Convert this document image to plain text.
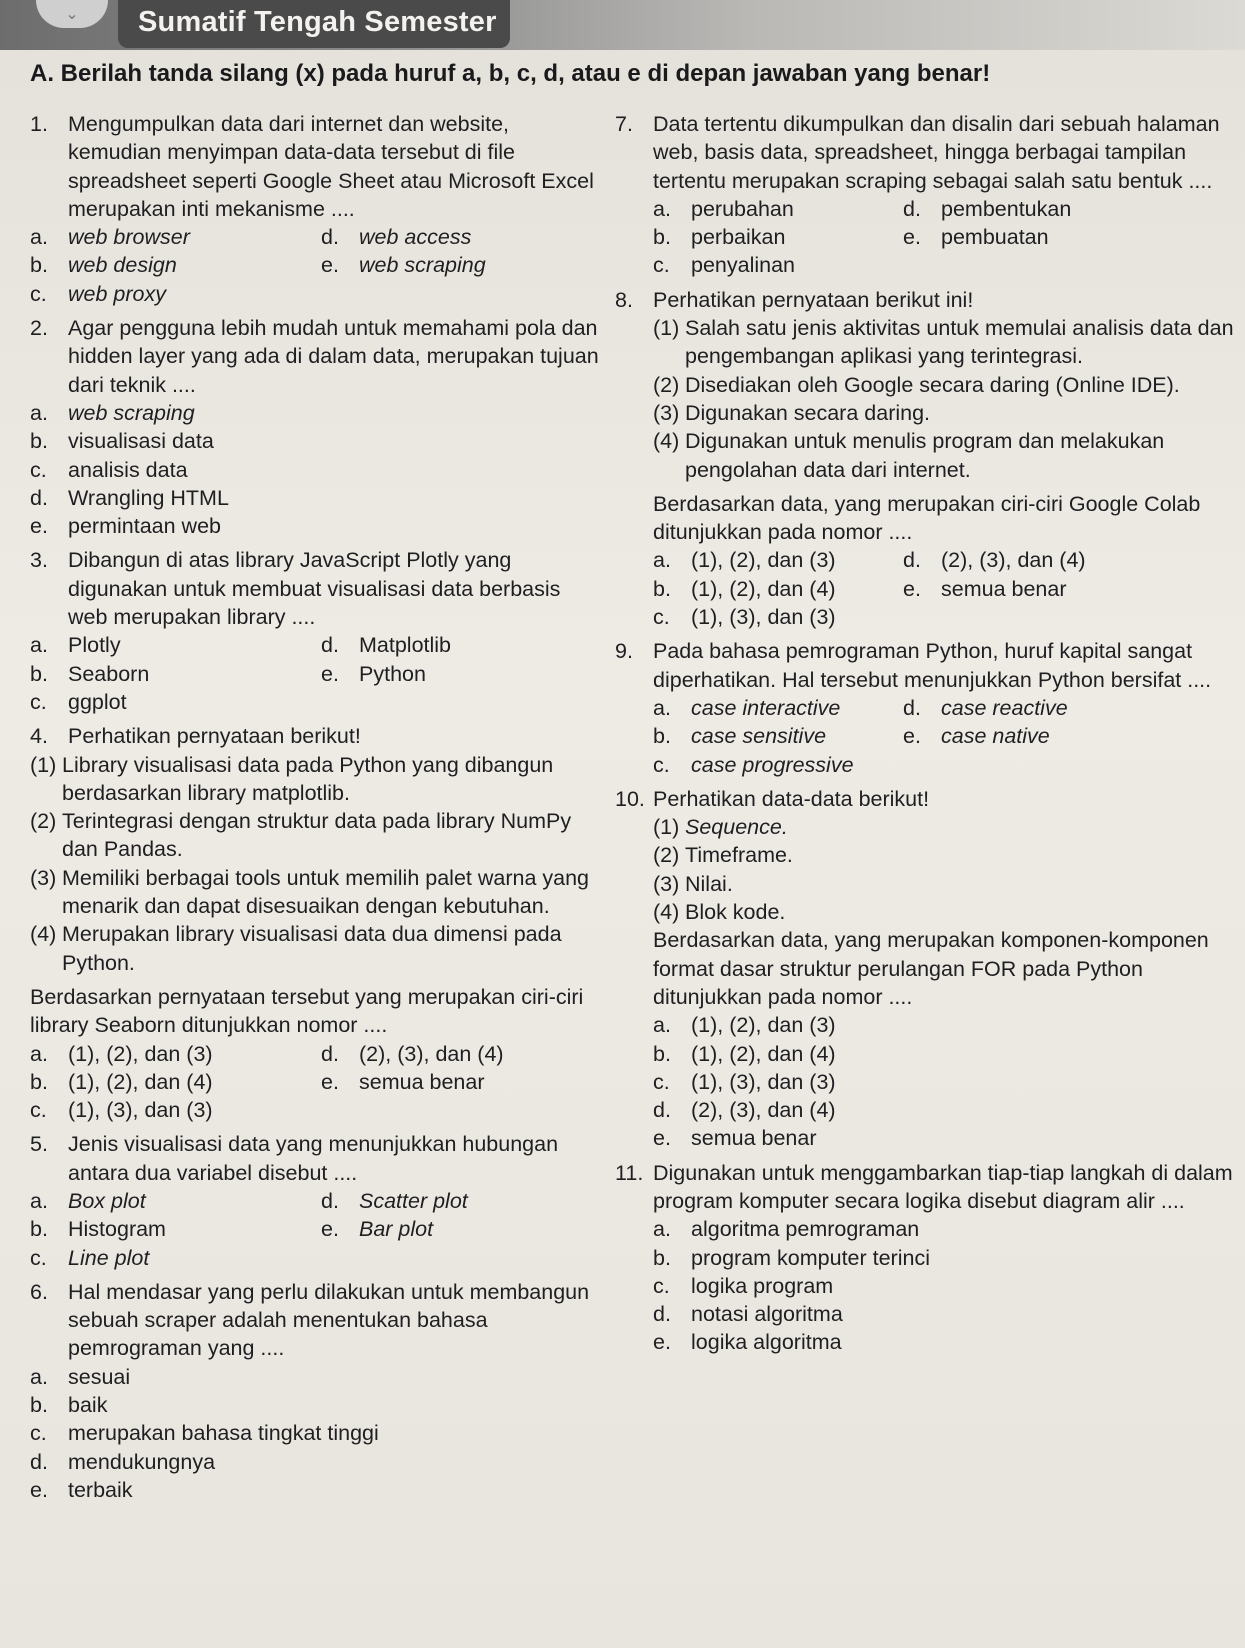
⌄	Sumatif Tengah Semester
A. Berilah tanda silang (x) pada huruf a, b, c, d, atau e di depan jawaban yang benar!
1. Mengumpulkan data dari internet dan website, kemudian menyimpan data-data tersebut di file spreadsheet seperti Google Sheet atau Microsoft Excel merupakan inti mekanisme ....
a. web browser	d. web access
b. web design	e. web scraping
c. web proxy
2. Agar pengguna lebih mudah untuk memahami pola dan hidden layer yang ada di dalam data, merupakan tujuan dari teknik ....
a. web scraping
b. visualisasi data
c. analisis data
d. Wrangling HTML
e. permintaan web
3. Dibangun di atas library JavaScript Plotly yang digunakan untuk membuat visualisasi data berbasis web merupakan library ....
a. Plotly	d. Matplotlib
b. Seaborn	e. Python
c. ggplot
4. Perhatikan pernyataan berikut!
(1) Library visualisasi data pada Python yang dibangun berdasarkan library matplotlib.
(2) Terintegrasi dengan struktur data pada library NumPy dan Pandas.
(3) Memiliki berbagai tools untuk memilih palet warna yang menarik dan dapat disesuaikan dengan kebutuhan.
(4) Merupakan library visualisasi data dua dimensi pada Python.
Berdasarkan pernyataan tersebut yang merupakan ciri-ciri library Seaborn ditunjukkan nomor ....
a. (1), (2), dan (3)	d. (2), (3), dan (4)
b. (1), (2), dan (4)	e. semua benar
c. (1), (3), dan (3)
5. Jenis visualisasi data yang menunjukkan hubungan antara dua variabel disebut ....
a. Box plot	d. Scatter plot
b. Histogram	e. Bar plot
c. Line plot
6. Hal mendasar yang perlu dilakukan untuk membangun sebuah scraper adalah menentukan bahasa pemrograman yang ....
a. sesuai
b. baik
c. merupakan bahasa tingkat tinggi
d. mendukungnya
e. terbaik
7. Data tertentu dikumpulkan dan disalin dari sebuah halaman web, basis data, spreadsheet, hingga berbagai tampilan tertentu merupakan scraping sebagai salah satu bentuk ....
a. perubahan	d. pembentukan
b. perbaikan	e. pembuatan
c. penyalinan
8. Perhatikan pernyataan berikut ini!
(1) Salah satu jenis aktivitas untuk memulai analisis data dan pengembangan aplikasi yang terintegrasi.
(2) Disediakan oleh Google secara daring (Online IDE).
(3) Digunakan secara daring.
(4) Digunakan untuk menulis program dan melakukan pengolahan data dari internet.
Berdasarkan data, yang merupakan ciri-ciri Google Colab ditunjukkan pada nomor ....
a. (1), (2), dan (3)	d. (2), (3), dan (4)
b. (1), (2), dan (4)	e. semua benar
c. (1), (3), dan (3)
9. Pada bahasa pemrograman Python, huruf kapital sangat diperhatikan. Hal tersebut menunjukkan Python bersifat ....
a. case interactive	d. case reactive
b. case sensitive	e. case native
c. case progressive
10. Perhatikan data-data berikut!
(1) Sequence.
(2) Timeframe.
(3) Nilai.
(4) Blok kode.
Berdasarkan data, yang merupakan komponen-komponen format dasar struktur perulangan FOR pada Python ditunjukkan pada nomor ....
a. (1), (2), dan (3)
b. (1), (2), dan (4)
c. (1), (3), dan (3)
d. (2), (3), dan (4)
e. semua benar
11. Digunakan untuk menggambarkan tiap-tiap langkah di dalam program komputer secara logika disebut diagram alir ....
a. algoritma pemrograman
b. program komputer terinci
c. logika program
d. notasi algoritma
e. logika algoritma
